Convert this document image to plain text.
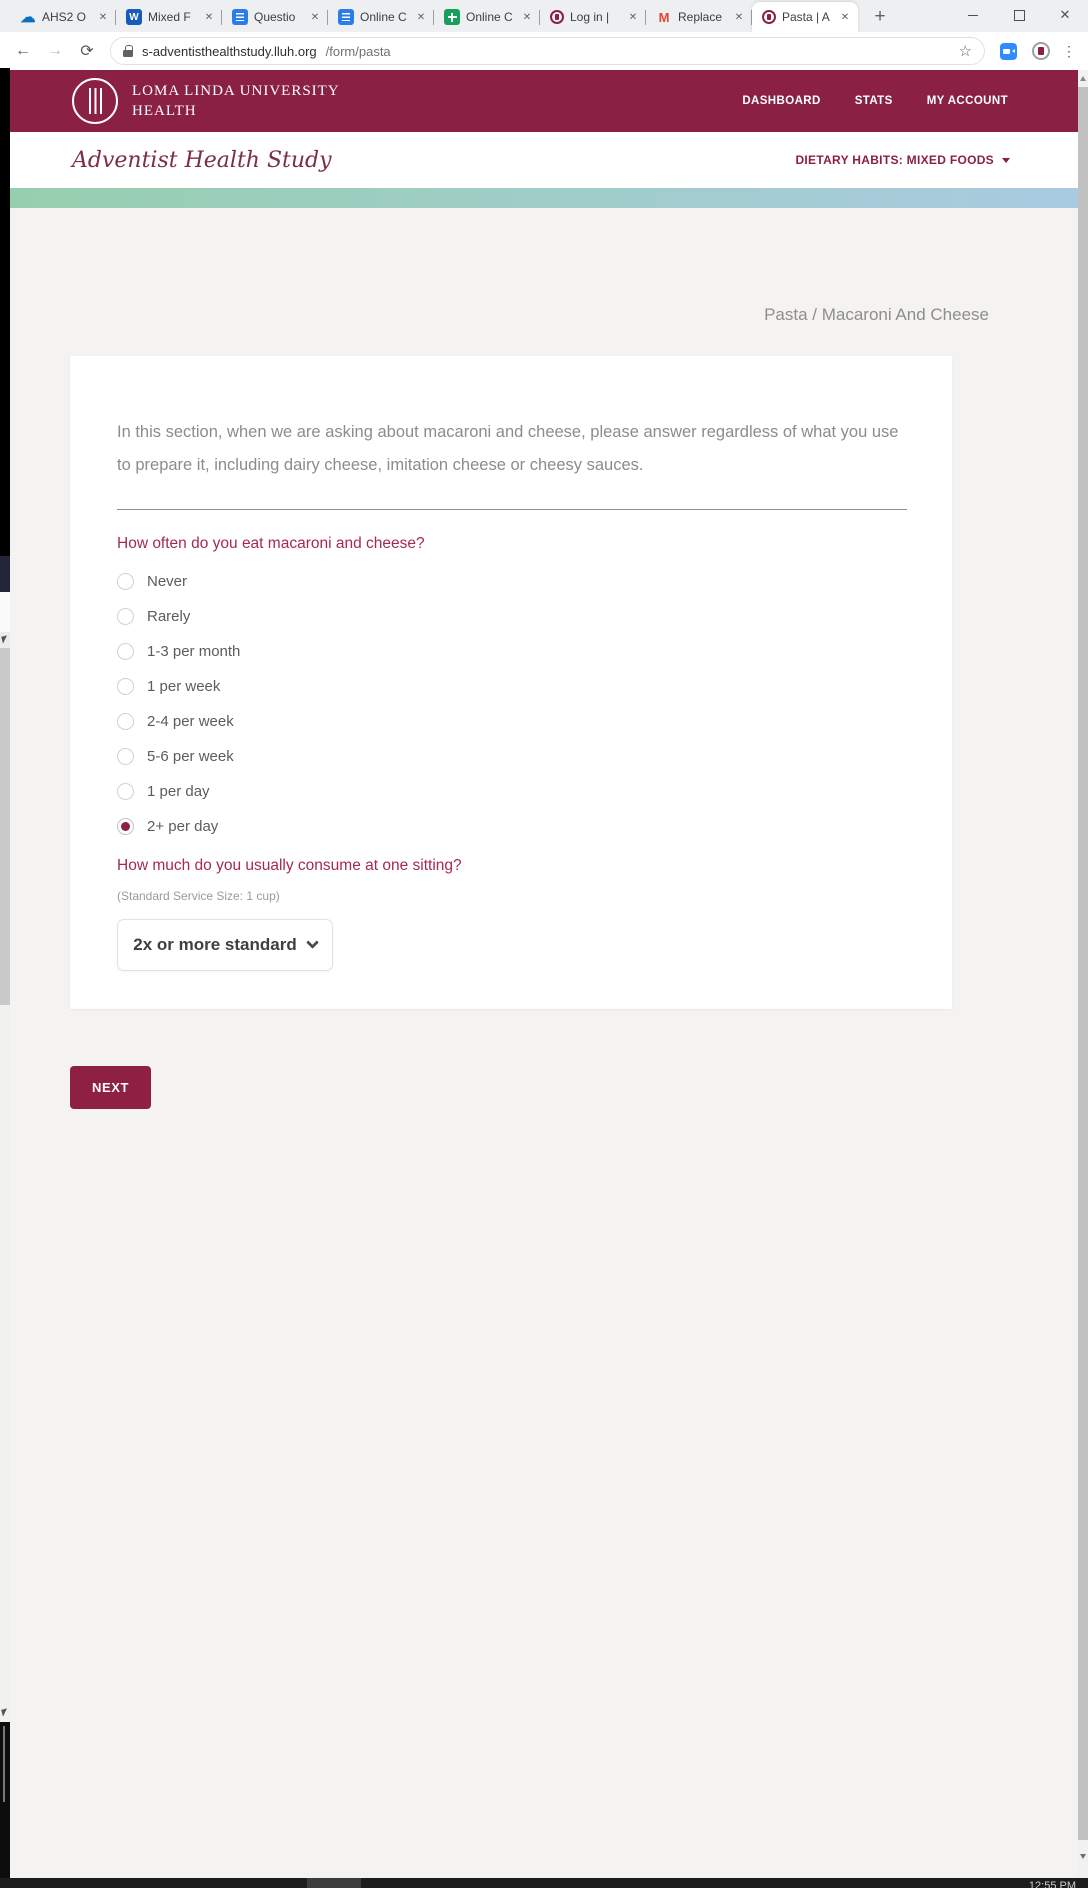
☁
AHS2 O ✕ W	Mixed F ✕	Questio ✕	Online C ✕	Online C ✕	Log in | ✕ M	Replace ✕	Pasta | A
✕
+
✕
←	→	⟳	s-adventisthealthstudy.lluh.org /form/pasta	☆	⋮
LOMA LINDA UNIVERSITY
HEALTH
DASHBOARD	STATS	MY ACCOUNT
Adventist Health Study	DIETARY HABITS: MIXED FOODS
Pasta / Macaroni And Cheese

In this section, when we are asking about macaroni and cheese, please answer regardless of what you use to prepare it, including dairy cheese, imitation cheese or cheesy sauces.

How often do you eat macaroni and cheese?
Never
Rarely
1-3 per month
1 per week
2-4 per week
5-6 per week
1 per day
2+ per day
How much do you usually consume at one sitting?
(Standard Service Size: 1 cup)
2x or more standard
NEXT
12:55 PM
